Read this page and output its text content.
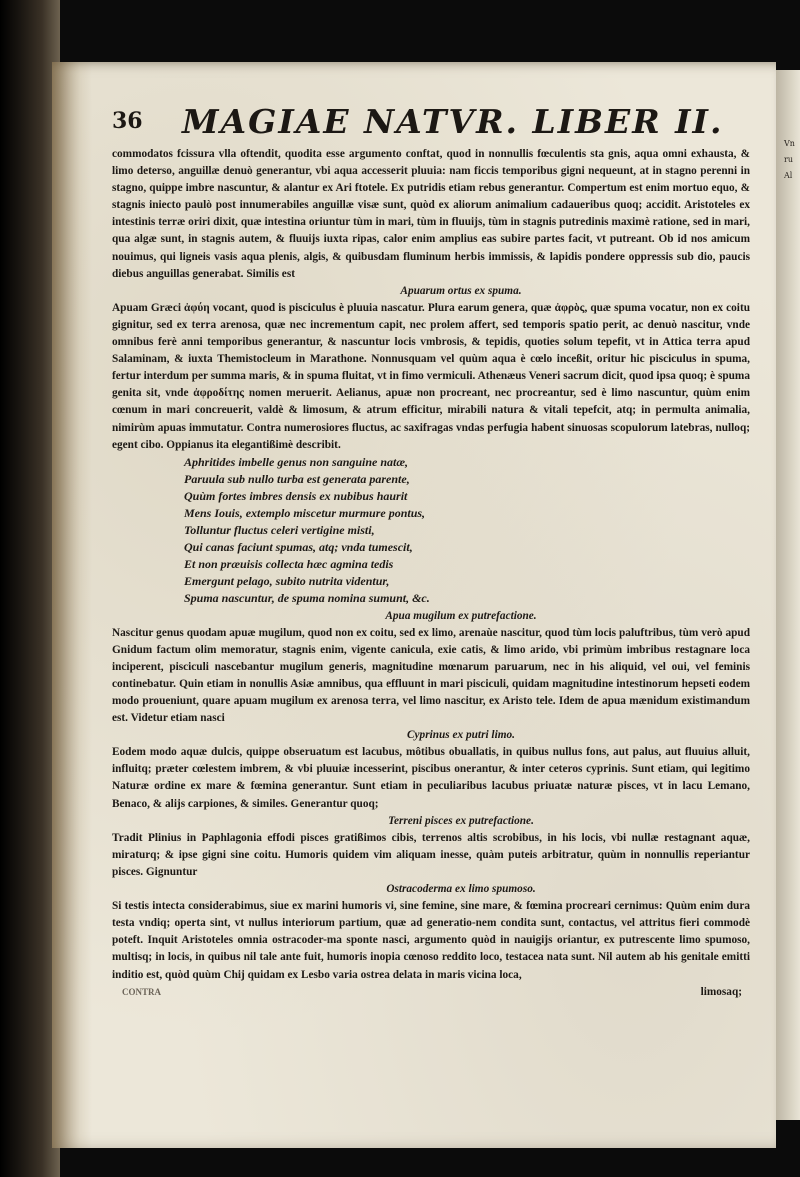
Vn
ru
Al
36 MAGIAE NATVR. LIBER II.

commodatos fcissura vlla oftendit, quodita esse argumento conftat, quod in nonnullis fœculentis sta gnis, aqua omni exhausta, & limo deterso, anguillæ denuò generantur, vbi aqua accesserit pluuia: nam ficcis temporibus gigni nequeunt, at in stagno perenni in stagno, quippe imbre nascuntur, & alantur ex Ari ftotele. Ex putridis etiam rebus generantur. Compertum est enim mortuo equo, & stagnis iniecto paulò post innumerabiles anguillæ visæ sunt, quòd ex aliorum animalium cadaueribus quoq; accidit. Aristoteles ex intestinis terræ oriri dixit, quæ intestina oriuntur tùm in mari, tùm in fluuijs, tùm in stagnis putredinis maximè ratione, sed in mari, qua algæ sunt, in stagnis autem, & fluuijs iuxta ripas, calor enim amplius eas subire partes facit, vt putreant. Ob id nos amicum nouimus, qui ligneis vasis aqua plenis, algis, & quibusdam fluminum herbis immissis, & lapidis pondere oppressis sub dio, paucis diebus anguillas generabat. Similis est

Apuarum ortus ex spuma.

Apuam Græci ἀφύη vocant, quod is pisciculus è pluuia nascatur. Plura earum genera, quæ ἀφρὸς, quæ spuma vocatur, non ex coitu gignitur, sed ex terra arenosa, quæ nec incrementum capit, nec prolem affert, sed temporis spatio perit, ac denuò nascitur, vnde omnibus ferè anni temporibus generantur, & nascuntur locis vmbrosis, & tepidis, quoties solum tepefit, vt in Attica terra apud Salaminam, & iuxta Themistocleum in Marathone. Nonnusquam vel quùm aqua è cœlo inceßit, oritur hic pisciculus in spuma, fertur interdum per summa maris, & in spuma fluitat, vt in fimo vermiculi. Athenæus Veneri sacrum dicit, quod ipsa quoq; è spuma genita sit, vnde ἀφροδίτης nomen meruerit. Aelianus, apuæ non procreant, nec procreantur, sed è limo nascuntur, quùm enim cœnum in mari concreuerit, valdè & limosum, & atrum efficitur, mirabili natura & vitali tepefcit, atq; in permulta animalia, nimirùm apuas immutatur. Contra numerosiores fluctus, ac saxifragas vndas perfugia habent sinuosas scopulorum latebras, nulloq; egent cibo. Oppianus ita elegantißimè describit.

Aphritides imbelle genus non sanguine natæ,

Paruula sub nullo turba est generata parente,

Quùm fortes imbres densis ex nubibus haurit

Mens Iouis, extemplo miscetur murmure pontus,

Tolluntur fluctus celeri vertigine misti,

Qui canas faciunt spumas, atq; vnda tumescit,

Et non præuisis collecta hæc agmina tedis

Emergunt pelago, subito nutrita videntur,

Spuma nascuntur, de spuma nomina sumunt, &c.

Apua mugilum ex putrefactione.

Nascitur genus quodam apuæ mugilum, quod non ex coitu, sed ex limo, arenaùe nascitur, quod tùm locis paluftribus, tùm verò apud Gnidum factum olim memoratur, stagnis enim, vigente canicula, exie catis, & limo arido, vbi primùm imbribus restagnare loca inciperent, pisciculi nascebantur mugilum generis, magnitudine mœnarum paruarum, nec in his aliquid, vel oui, vel feminis continebatur. Quin etiam in nonullis Asiæ amnibus, qua effluunt in mari pisciculi, quidam magnitudine intestinorum hepseti eodem modo proueniunt, quare apuam mugilum ex arenosa terra, vel limo nascitur, ex Aristo tele. Idem de apua mænidum existimandum est. Videtur etiam nasci

Cyprinus ex putri limo.

Eodem modo aquæ dulcis, quippe obseruatum est lacubus, môtibus obuallatis, in quibus nullus fons, aut palus, aut fluuius alluit, influitq; præter cœlestem imbrem, & vbi pluuiæ incesserint, piscibus onerantur, & inter ceteros cyprinis. Sunt etiam, qui legitimo Naturæ ordine ex mare & fœmina generantur. Sunt etiam in peculiaribus lacubus priuatæ naturæ pisces, vt in lacu Lemano, Benaco, & alijs carpiones, & similes. Generantur quoq;

Terreni pisces ex putrefactione.

Tradit Plinius in Paphlagonia effodi pisces gratißimos cibis, terrenos altis scrobibus, in his locis, vbi nullæ restagnant aquæ, miraturq; & ipse gigni sine coitu. Humoris quidem vim aliquam inesse, quàm puteis arbitratur, quùm in nonnullis reperiantur pisces. Gignuntur

Ostracoderma ex limo spumoso.

Si testis intecta considerabimus, siue ex marini humoris vi, sine femine, sine mare, & fœmina procreari cernimus: Quùm enim dura testa vndiq; operta sint, vt nullus interiorum partium, quæ ad generatio-nem condita sunt, contactus, vel attritus fieri commodè poteft. Inquit Aristoteles omnia ostracoder-ma sponte nasci, argumento quòd in nauigijs oriantur, ex putrescente limo spumoso, multisq; in locis, in quibus nil tale ante fuit, humoris inopia cœnoso reddito loco, testacea nata sunt. Nil autem ab his genitale emitti inditio est, quòd quùm Chij quidam ex Lesbo varia ostrea delata in maris vicina loca,

CONTRA	limosaq;
